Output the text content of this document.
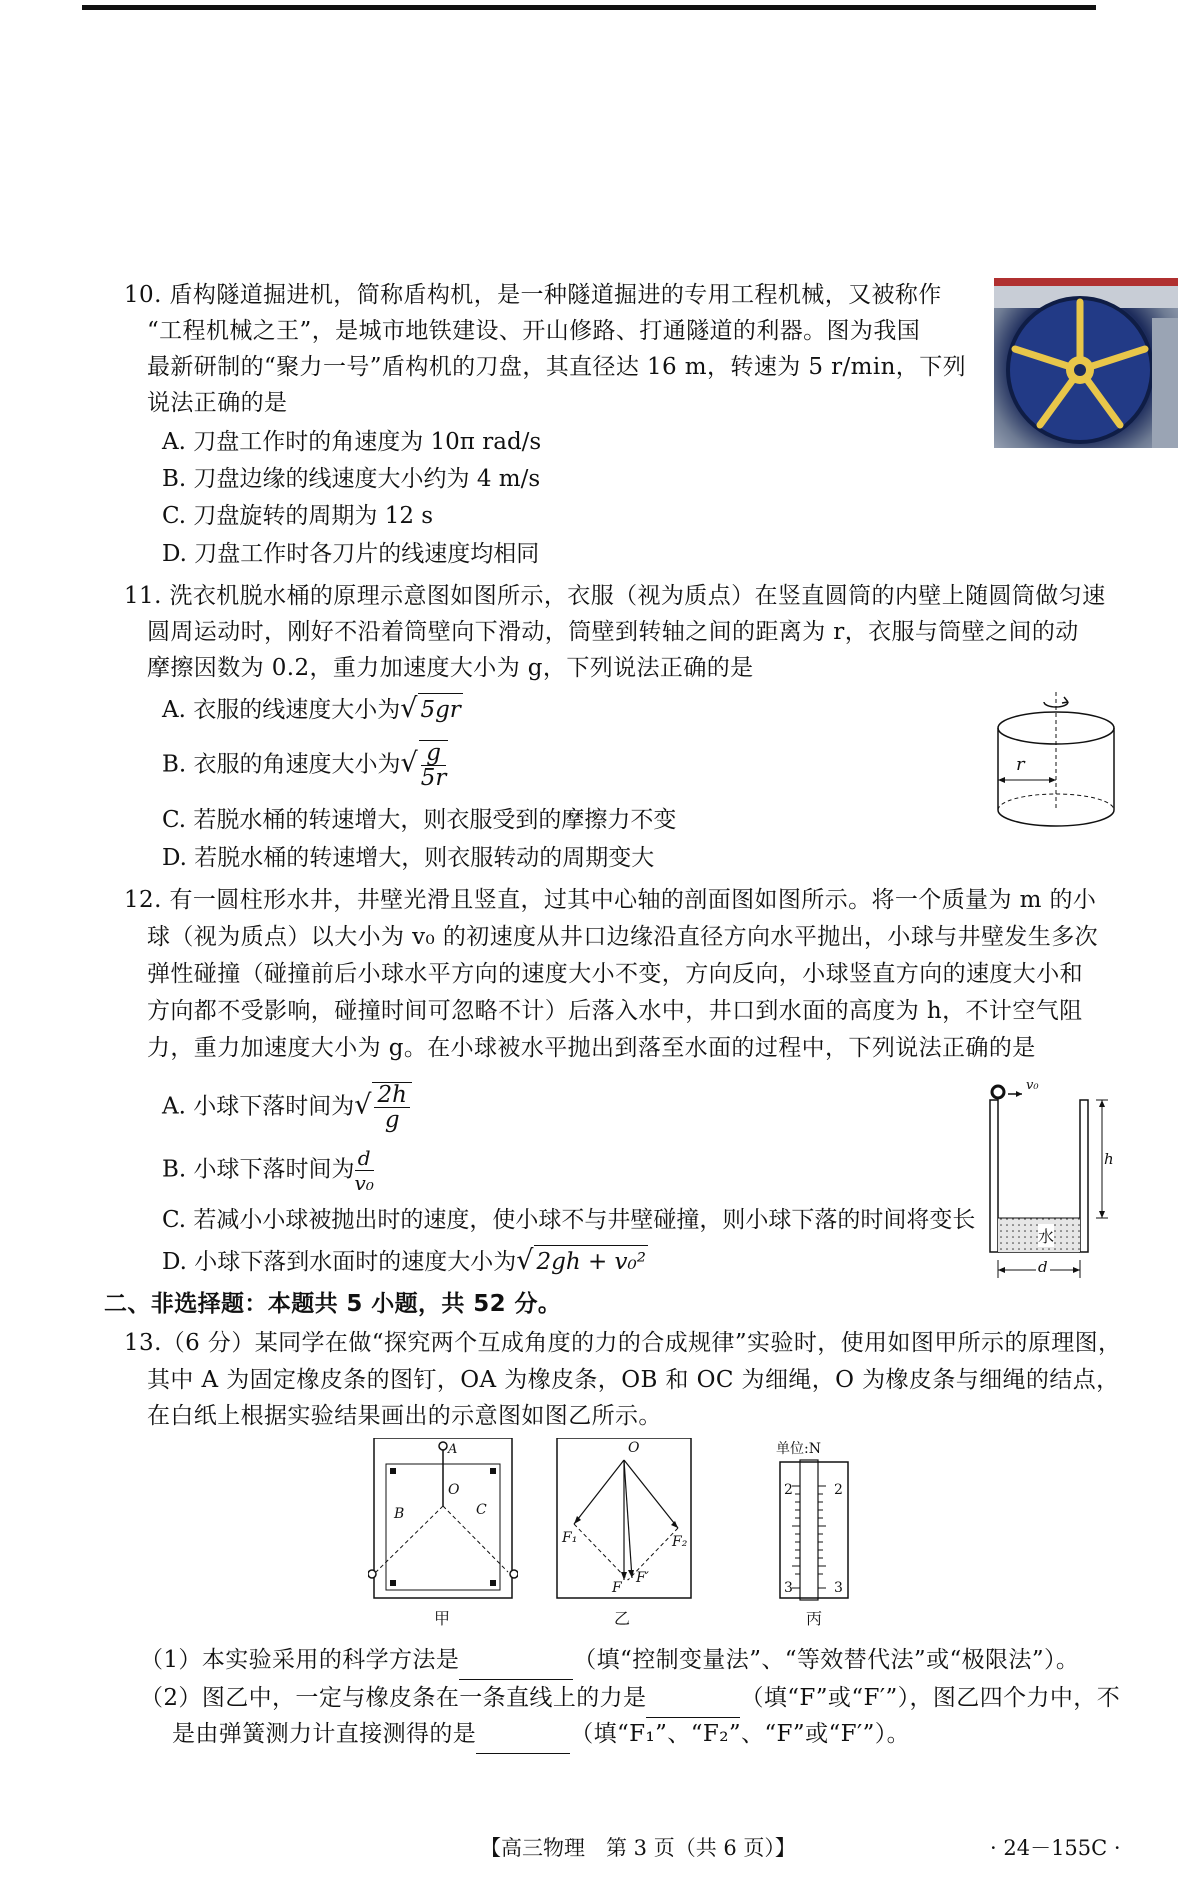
10. 盾构隧道掘进机，简称盾构机，是一种隧道掘进的专用工程机械，又被称作
“工程机械之王”，是城市地铁建设、开山修路、打通隧道的利器。图为我国
最新研制的“聚力一号”盾构机的刀盘，其直径达 16 m，转速为 5 r/min，下列
说法正确的是
A. 刀盘工作时的角速度为 10π rad/s
B. 刀盘边缘的线速度大小约为 4 m/s
C. 刀盘旋转的周期为 12 s
D. 刀盘工作时各刀片的线速度均相同
11. 洗衣机脱水桶的原理示意图如图所示，衣服（视为质点）在竖直圆筒的内壁上随圆筒做匀速
圆周运动时，刚好不沿着筒壁向下滑动，筒壁到转轴之间的距离为 r，衣服与筒壁之间的动
摩擦因数为 0.2，重力加速度大小为 g，下列说法正确的是
A. 衣服的线速度大小为√ 5gr
B. 衣服的角速度大小为√ $\frac{g}{5r}$
C. 若脱水桶的转速增大，则衣服受到的摩擦力不变
D. 若脱水桶的转速增大，则衣服转动的周期变大
r
12. 有一圆柱形水井，井壁光滑且竖直，过其中心轴的剖面图如图所示。将一个质量为 m 的小
球（视为质点）以大小为 v₀ 的初速度从井口边缘沿直径方向水平抛出，小球与井壁发生多次
弹性碰撞（碰撞前后小球水平方向的速度大小不变，方向反向，小球竖直方向的速度大小和
方向都不受影响，碰撞时间可忽略不计）后落入水中，井口到水面的高度为 h，不计空气阻
力，重力加速度大小为 g。在小球被水平抛出到落至水面的过程中，下列说法正确的是
A. 小球下落时间为√ $\frac{2h}{g}$
B. 小球下落时间为 $\frac{d}{\text{v₀}}$
C. 若减小小球被抛出时的速度，使小球不与井壁碰撞，则小球下落的时间将变长
D. 小球下落到水面时的速度大小为√ 2gh + v₀²
v₀
h
水
d
二、非选择题：本题共 5 小题，共 52 分。
13.（6 分）某同学在做“探究两个互成角度的力的合成规律”实验时，使用如图甲所示的原理图，
其中 A 为固定橡皮条的图钉，OA 为橡皮条，OB 和 OC 为细绳，O 为橡皮条与细绳的结点，
在白纸上根据实验结果画出的示意图如图乙所示。
A
O
B	C
甲
O
F₁	F₂
F
F′
乙
单位:N
2	2
3	3
丙
（1）本实验采用的科学方法是	（填“控制变量法”、“等效替代法”或“极限法”）。
（2）图乙中，一定与橡皮条在一条直线上的力是	（填“F”或“F′”），图乙四个力中，不
是由弹簧测力计直接测得的是	（填“F₁”、“F₂”、“F”或“F′”）。
【高三物理　第 3 页（共 6 页）】	· 24－155C ·
